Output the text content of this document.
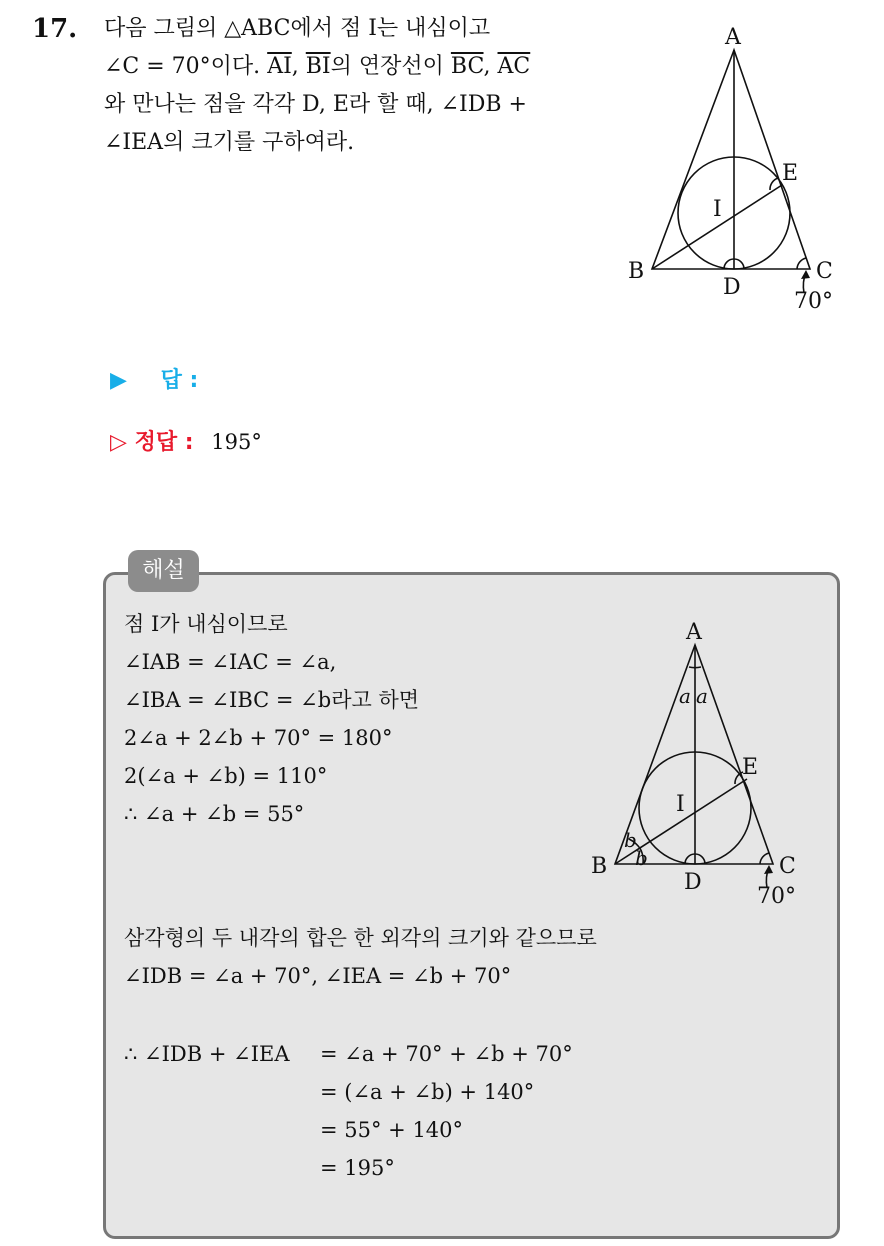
17. 다음 그림의 △ABC에서 점 I는 내심이고
∠C = 70°이다. $\overline{AI}$, $\overline{BI}$의 연장선이 $\overline{BC}$, $\overline{AC}$
와 만나는 점을 각각 D, E라 할 때, ∠IDB +
∠IEA의 크기를 구하여라.
A
B	C
D
E
I
70°
▶ 답 :
▷ 정답 : 195°
해설
점 I가 내심이므로
∠IAB = ∠IAC = ∠a,
∠IBA = ∠IBC = ∠b라고 하면
2∠a + 2∠b + 70° = 180°
2(∠a + ∠b) = 110°
∴ ∠a + ∠b = 55°
A
B	C
D
E
I
70°
a a
b
b
삼각형의 두 내각의 합은 한 외각의 크기와 같으므로
∠IDB = ∠a + 70°, ∠IEA = ∠b + 70°
∴ ∠IDB + ∠IEA = ∠a + 70° + ∠b + 70°
= (∠a + ∠b) + 140°
= 55° + 140°
= 195°
